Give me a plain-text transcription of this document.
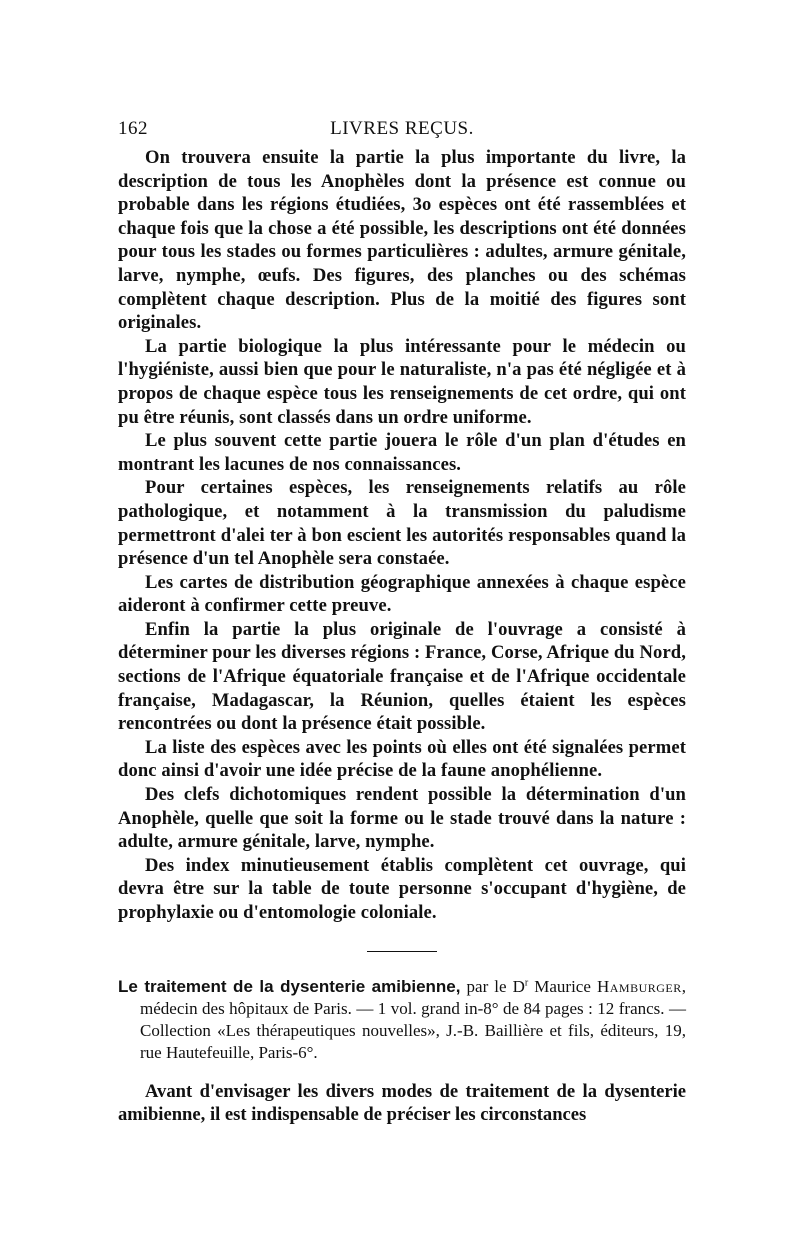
162	LIVRES REÇUS.

On trouvera ensuite la partie la plus importante du livre, la description de tous les Anophèles dont la présence est connue ou probable dans les régions étudiées, 3o espèces ont été rassemblées et chaque fois que la chose a été possible, les descriptions ont été données pour tous les stades ou formes particulières : adultes, armure génitale, larve, nymphe, œufs. Des figures, des planches ou des schémas complètent chaque description. Plus de la moitié des figures sont originales.

La partie biologique la plus intéressante pour le médecin ou l'hygiéniste, aussi bien que pour le naturaliste, n'a pas été négligée et à propos de chaque espèce tous les renseignements de cet ordre, qui ont pu être réunis, sont classés dans un ordre uniforme.

Le plus souvent cette partie jouera le rôle d'un plan d'études en montrant les lacunes de nos connaissances.

Pour certaines espèces, les renseignements relatifs au rôle pathologique, et notamment à la transmission du paludisme permettront d'alei ter à bon escient les autorités responsables quand la présence d'un tel Anophèle sera constaée.

Les cartes de distribution géographique annexées à chaque espèce aideront à confirmer cette preuve.

Enfin la partie la plus originale de l'ouvrage a consisté à déterminer pour les diverses régions : France, Corse, Afrique du Nord, sections de l'Afrique équatoriale française et de l'Afrique occidentale française, Madagascar, la Réunion, quelles étaient les espèces rencontrées ou dont la présence était possible.

La liste des espèces avec les points où elles ont été signalées permet donc ainsi d'avoir une idée précise de la faune anophélienne.

Des clefs dichotomiques rendent possible la détermination d'un Anophèle, quelle que soit la forme ou le stade trouvé dans la nature : adulte, armure génitale, larve, nymphe.

Des index minutieusement établis complètent cet ouvrage, qui devra être sur la table de toute personne s'occupant d'hygiène, de prophylaxie ou d'entomologie coloniale.

Le traitement de la dysenterie amibienne, par le $D^r$ Maurice Hamburger, médecin des hôpitaux de Paris. — 1 vol. grand in-8° de 84 pages : 12 francs. — Collection «Les thérapeutiques nouvelles», J.-B. Baillière et fils, éditeurs, 19, rue Hautefeuille, Paris-6°.

Avant d'envisager les divers modes de traitement de la dysenterie amibienne, il est indispensable de préciser les circonstances
